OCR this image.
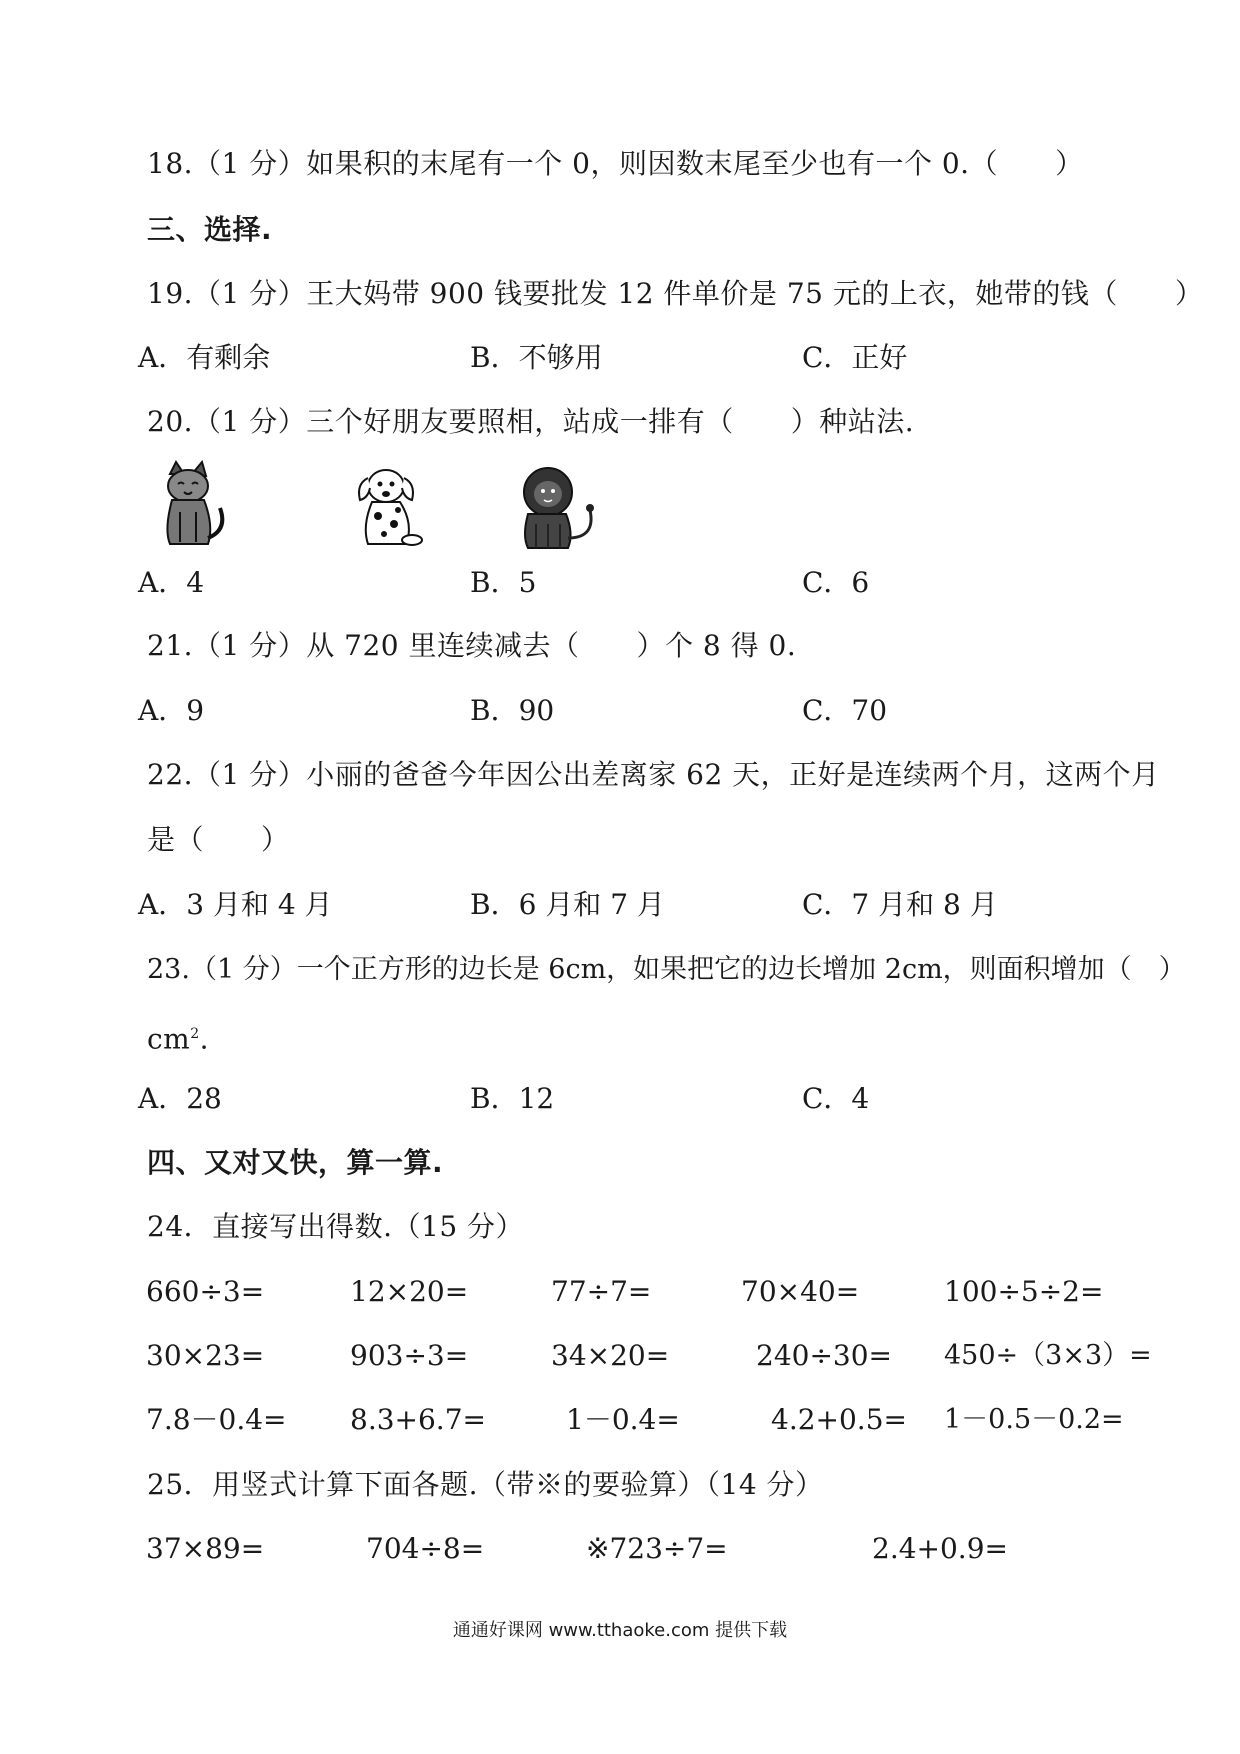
18.（1 分）如果积的末尾有一个 0，则因数末尾至少也有一个 0.（　　）
三、选择.
19.（1 分）王大妈带 900 钱要批发 12 件单价是 75 元的上衣，她带的钱（　　）
A．有剩余	B．不够用	C．正好
20.（1 分）三个好朋友要照相，站成一排有（　　）种站法.
A．4	B．5	C．6
21.（1 分）从 720 里连续减去（　　）个 8 得 0.
A．9	B．90	C．70
22.（1 分）小丽的爸爸今年因公出差离家 62 天，正好是连续两个月，这两个月
是（　　）
A．3 月和 4 月	B．6 月和 7 月	C．7 月和 8 月
23.（1 分）一个正方形的边长是 6cm，如果把它的边长增加 2cm，则面积增加（　）
$cm^2$.
A．28	B．12	C．4
四、又对又快，算一算.
24．直接写出得数.（15 分）
660÷3=	12×20=	77÷7=	70×40=	100÷5÷2=
30×23=	903÷3=	34×20=	240÷30= 450÷（3×3）=
7.8－0.4= 8.3+6.7=	1－0.4=	4.2+0.5= 1－0.5－0.2=
25．用竖式计算下面各题.（带※的要验算）（14 分）
37×89=	704÷8=	※723÷7=	2.4+0.9=
通通好课网 www.tthaoke.com 提供下载
